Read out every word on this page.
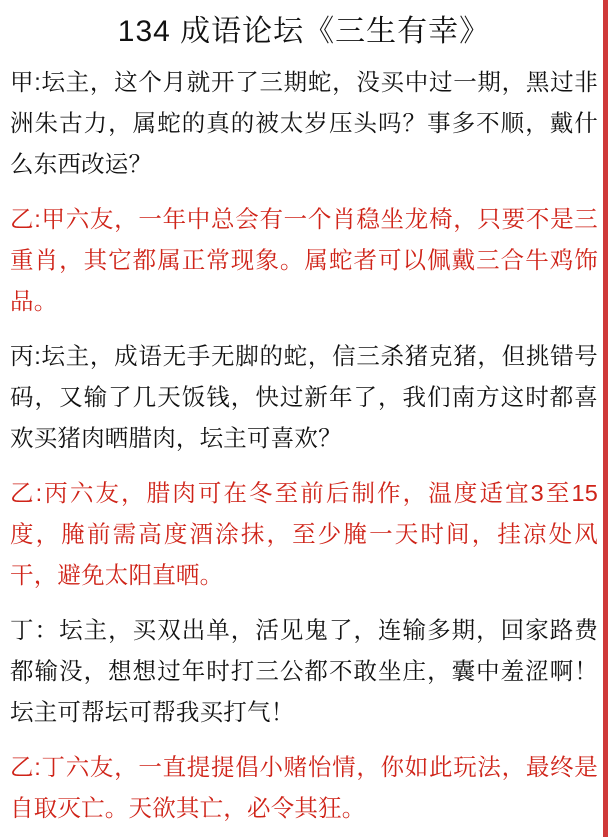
134 成语论坛《三生有幸》

甲:坛主，这个月就开了三期蛇，没买中过一期，黑过非洲朱古力，属蛇的真的被太岁压头吗？事多不顺，戴什么东西改运？

乙:甲六友，一年中总会有一个肖稳坐龙椅，只要不是三重肖，其它都属正常现象。属蛇者可以佩戴三合牛鸡饰品。

丙:坛主，成语无手无脚的蛇，信三杀猪克猪，但挑错号码，又输了几天饭钱，快过新年了，我们南方这时都喜欢买猪肉晒腊肉，坛主可喜欢？

乙:丙六友，腊肉可在冬至前后制作，温度适宜3至15度，腌前需高度酒涂抹，至少腌一天时间，挂凉处风干，避免太阳直晒。

丁：坛主，买双出单，活见鬼了，连输多期，回家路费都输没，想想过年时打三公都不敢坐庄，囊中羞涩啊！坛主可帮坛可帮我买打气！

乙:丁六友，一直提提倡小赌怡情，你如此玩法，最终是自取灭亡。天欲其亡，必令其狂。
